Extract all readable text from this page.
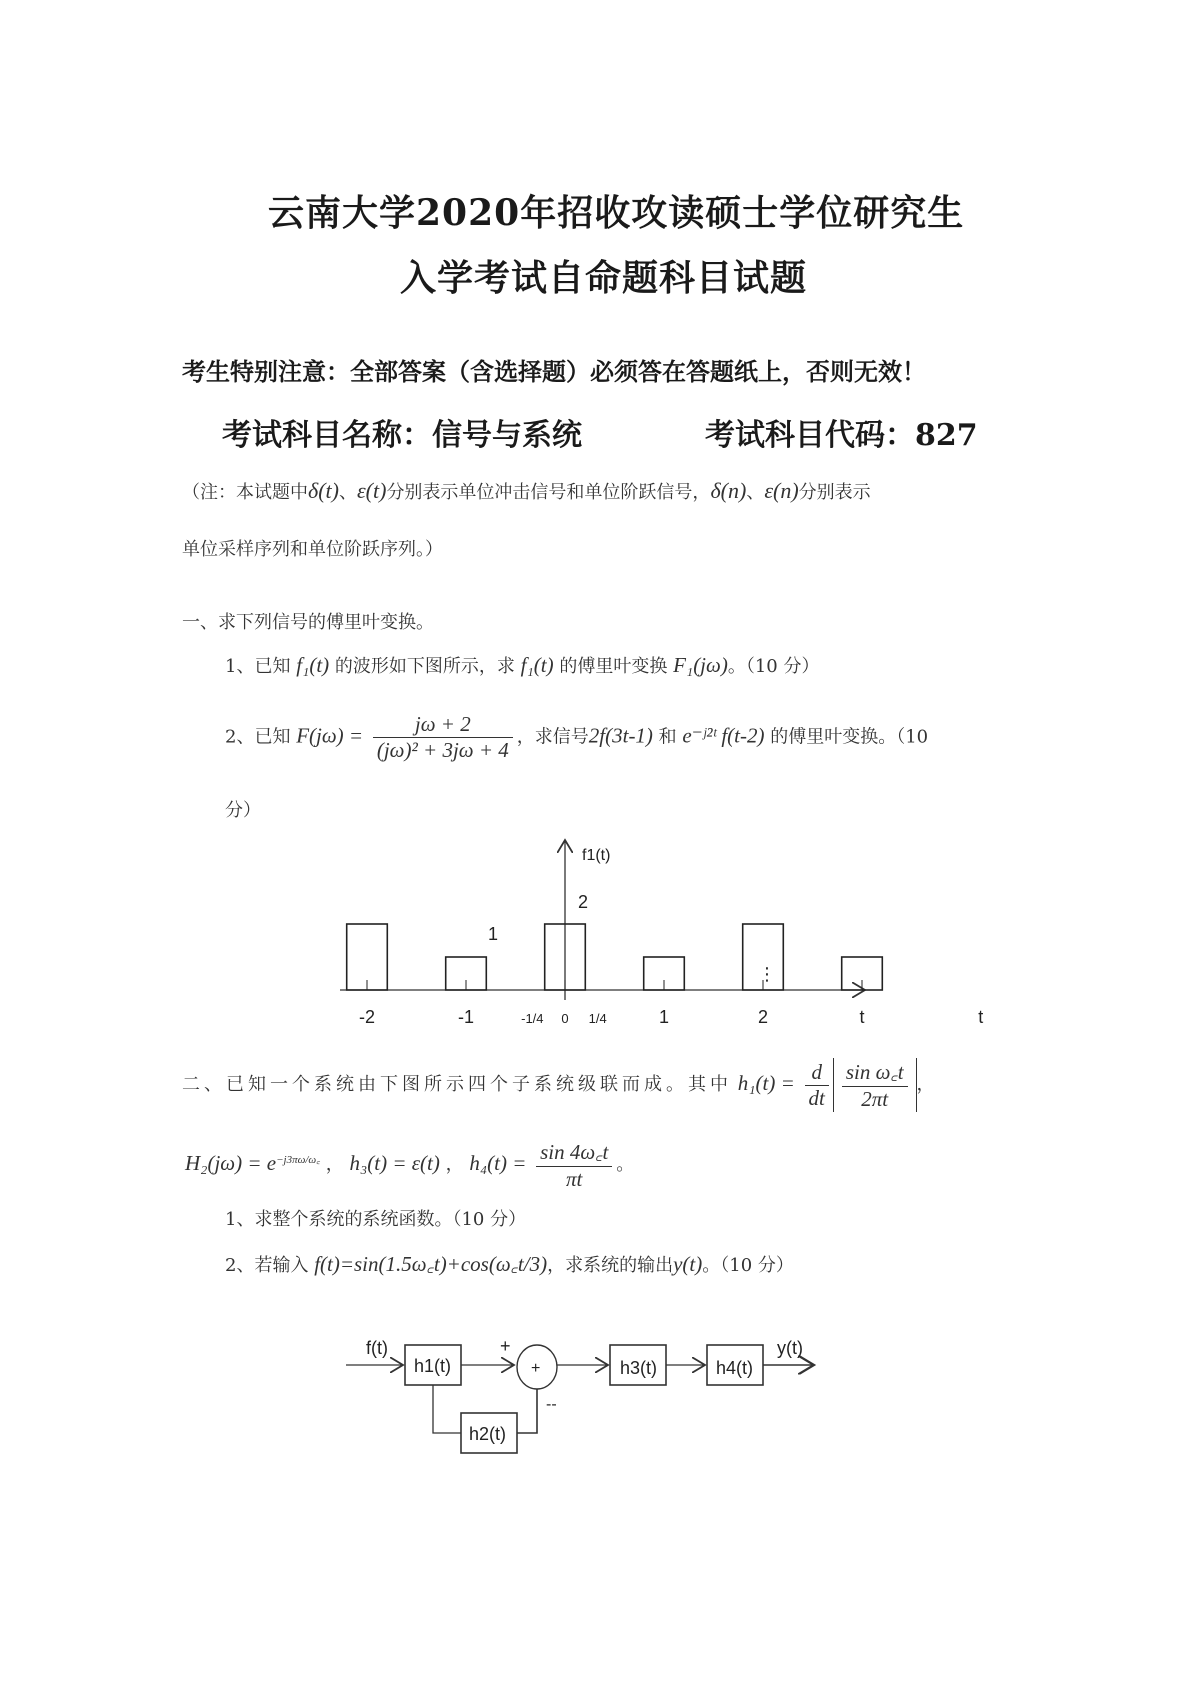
云南大学2020年招收攻读硕士学位研究生
入学考试自命题科目试题
考生特别注意：全部答案（含选择题）必须答在答题纸上，否则无效！
考试科目名称：信号与系统	考试科目代码：827
（注：本试题中δ(t)、ε(t)分别表示单位冲击信号和单位阶跃信号，δ(n)、ε(n)分别表示
单位采样序列和单位阶跃序列。）
一、求下列信号的傅里叶变换。
1、已知 f₁(t) 的波形如下图所示，求 f₁(t) 的傅里叶变换 F₁(jω)。（10 分）
2、已知 $F(j\omega) = \frac{j\omega + 2}{\text{(jω)² + 3jω + 4}}$ ，求信号2f(3t-1) 和 e⁻ʲ²ᵗ f(t-2) 的傅里叶变换。（10
分）
f1(t)
1
2
⋮
-2	-1	-1/4 0 1/4	1	2	t	t
二、已知一个系统由下图所示四个子系统级联而成。其中 $h_1(t) = \frac{d}{dt} \frac{\text{sin ω꜀t}}{2\pi t}$ ，
$H_2(j\omega) = e^{-j3\pi\omega/\omega꜀}$ ， h₃(t) = ε(t) ， $h_4(t) = \frac{\sin 4\omega꜀t}{\pi t}$ 。
1、求整个系统的系统函数。（10 分）
2、若输入 f(t)=sin(1.5ω꜀t)+cos(ω꜀t/3)，求系统的输出y(t)。（10 分）
f(t)
h1(t)
+
+
--
h2(t)
h3(t)	h4(t)
y(t)
